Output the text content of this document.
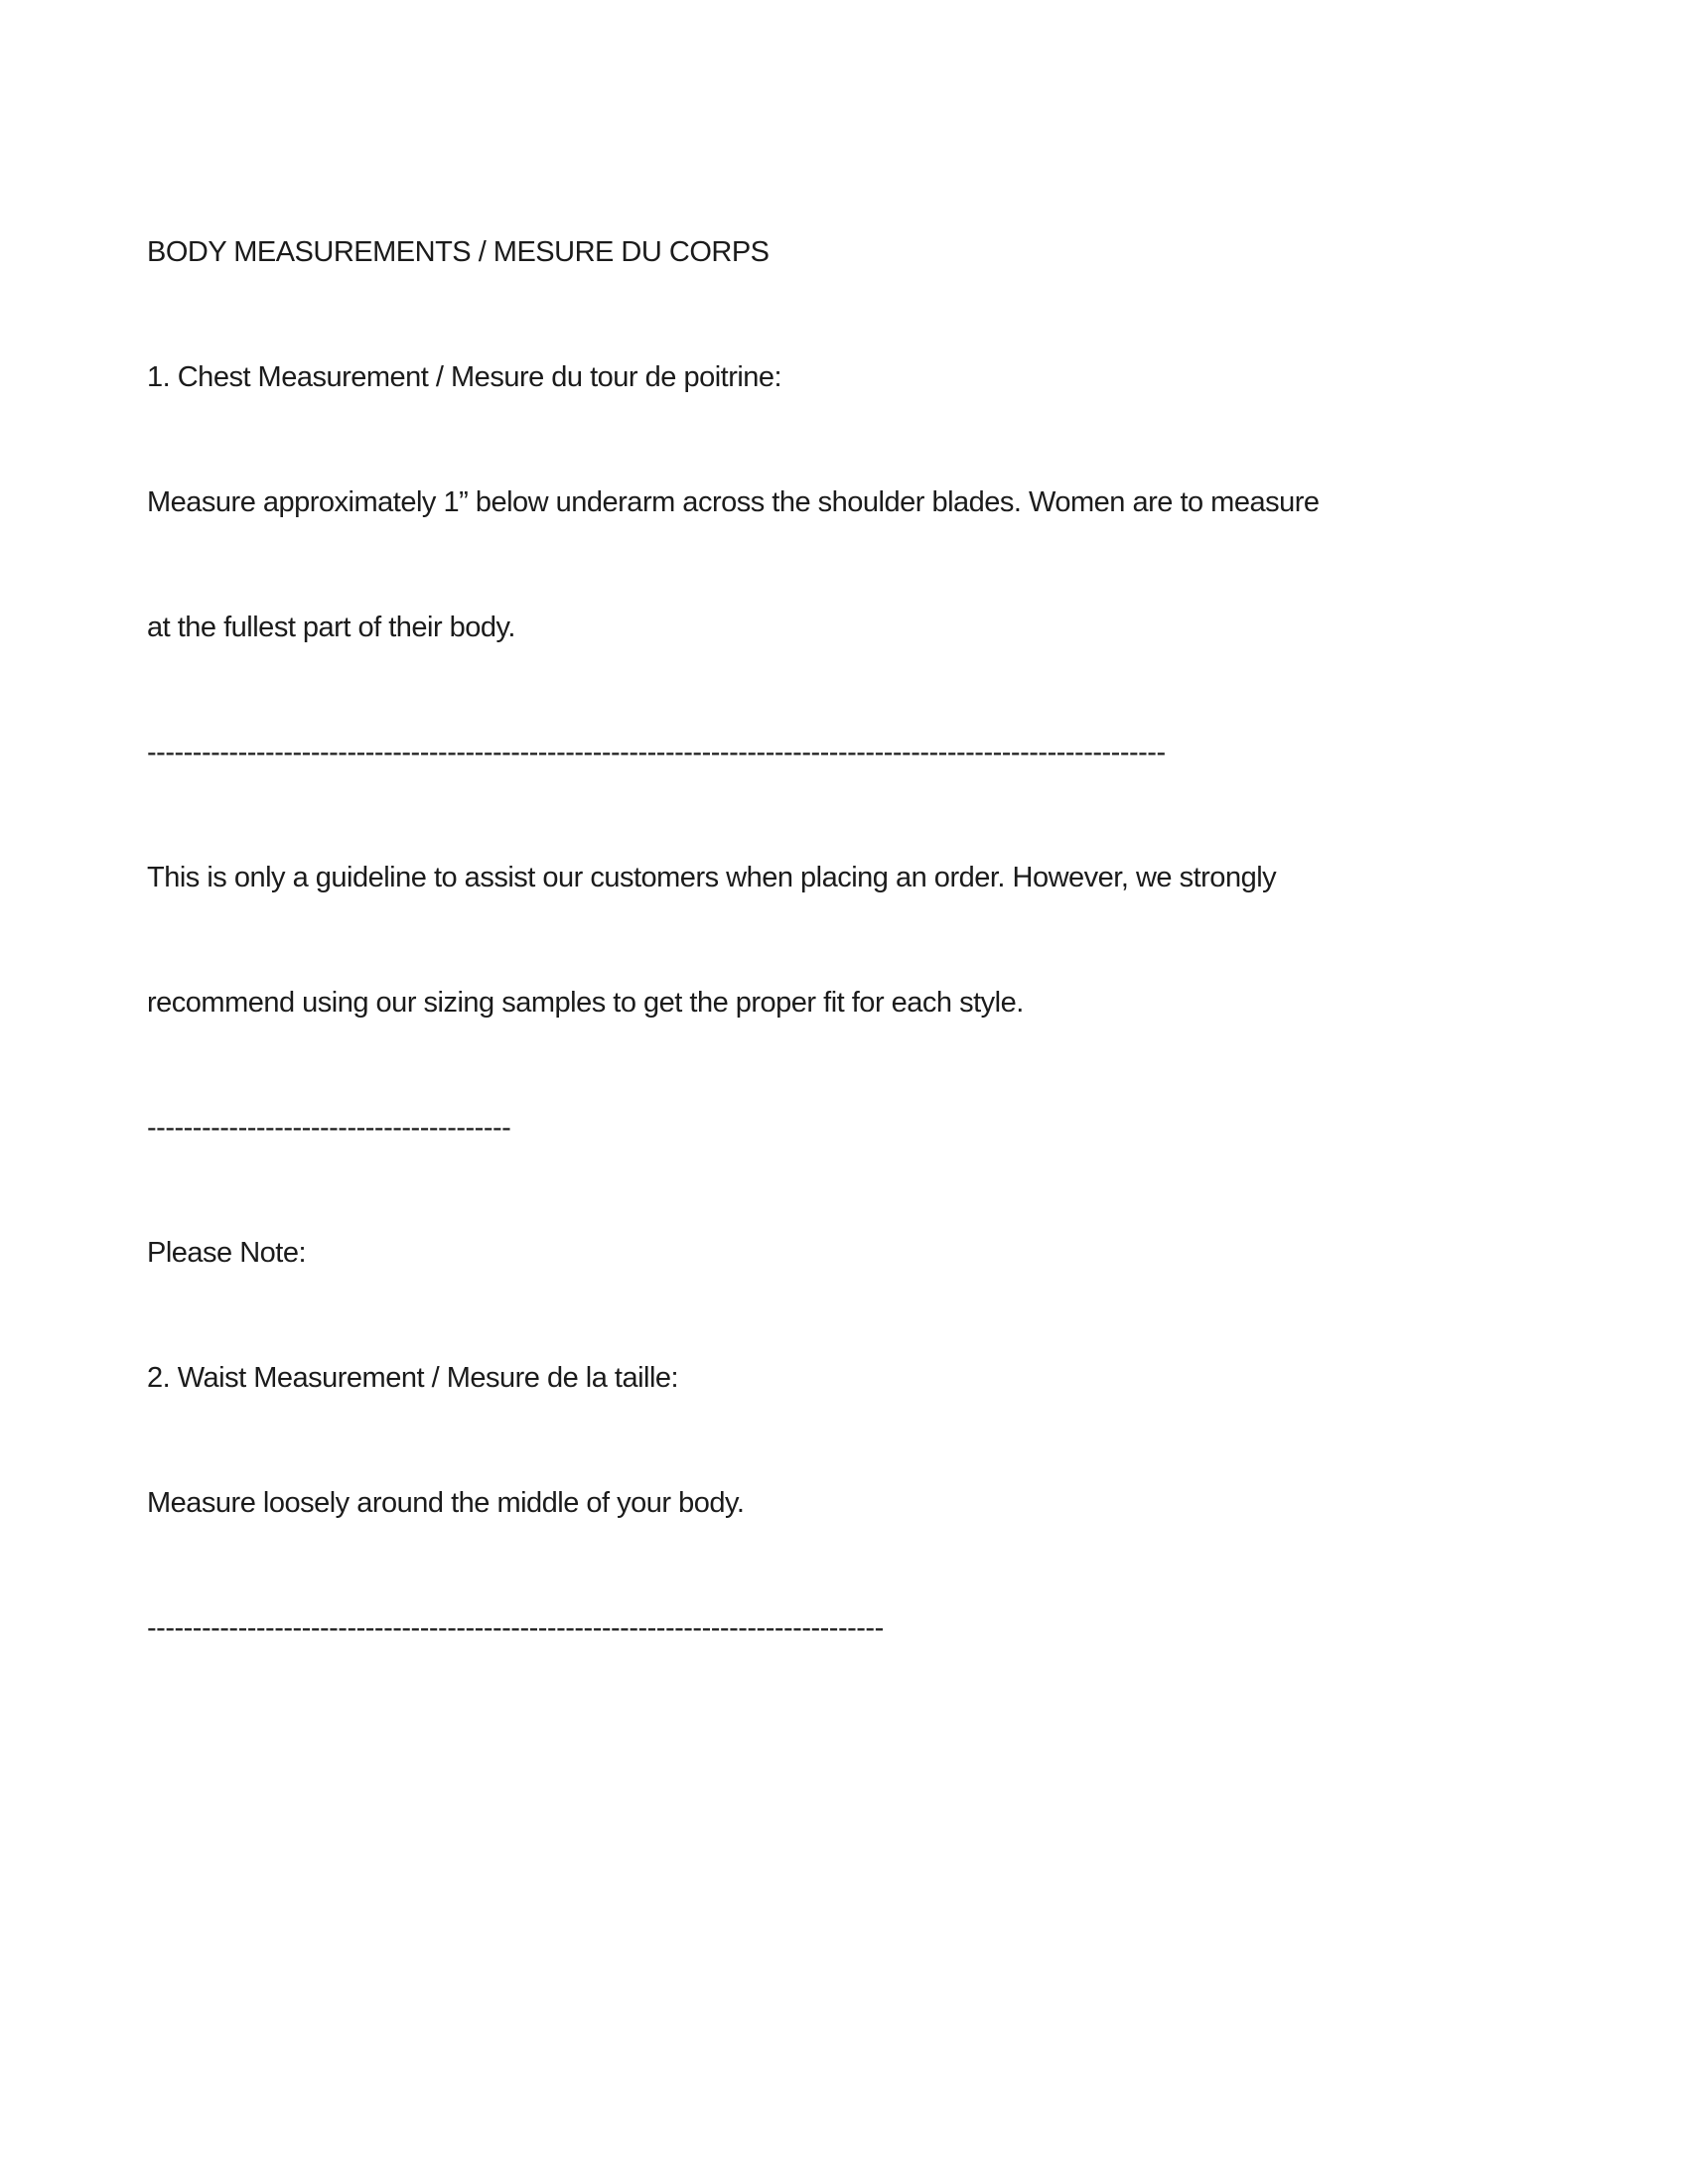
BODY MEASUREMENTS / MESURE DU CORPS

1. Chest Measurement / Mesure du tour de poitrine:

Measure approximately 1” below underarm across the shoulder blades. Women are to measure

at the fullest part of their body.

----------------------------------------------------------------------------------------------------------------

This is only a guideline to assist our customers when placing an order. However, we strongly

recommend using our sizing samples to get the proper fit for each style.

----------------------------------------

Please Note:

2. Waist Measurement / Mesure de la taille:

Measure loosely around the middle of your body.

---------------------------------------------------------------------------------
